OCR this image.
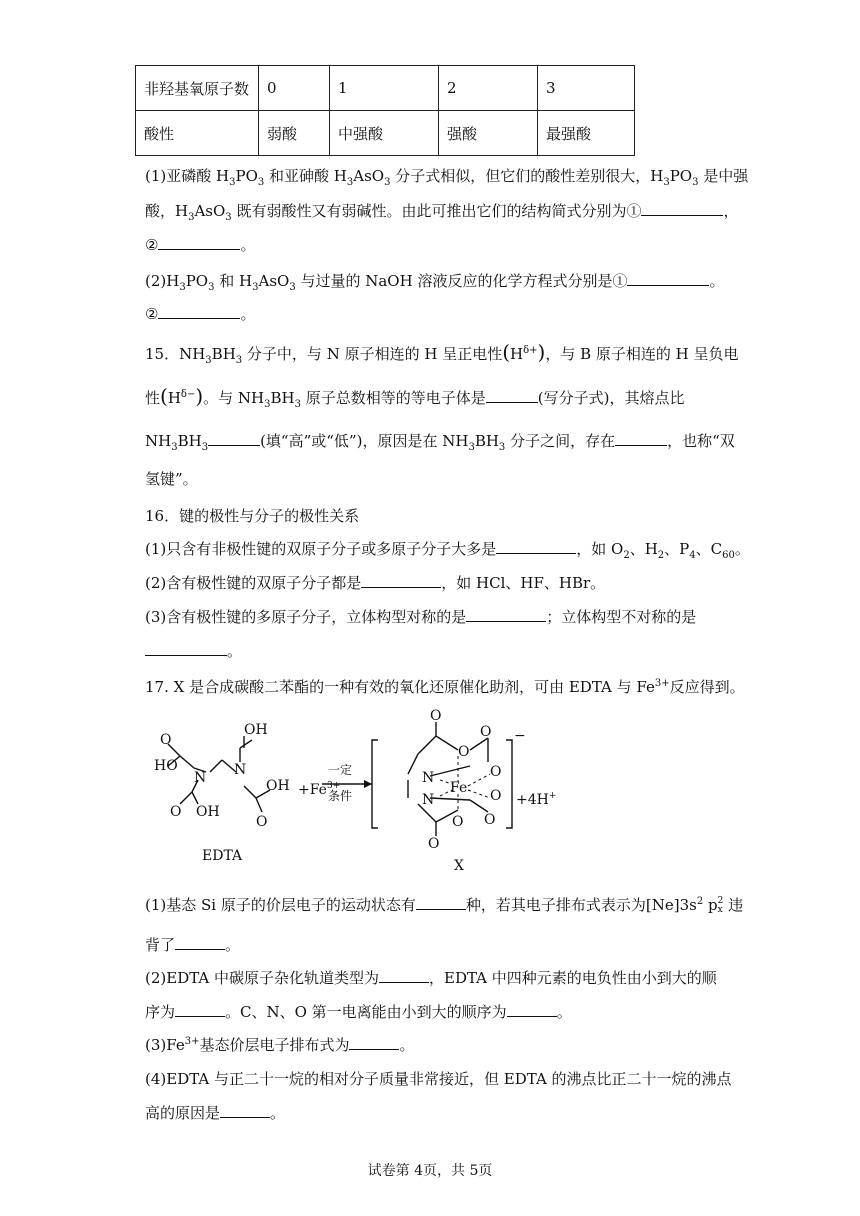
非羟基氧原子数	0	1	2	3
酸性	弱酸	中强酸	强酸	最强酸
(1)亚磷酸 $H_3PO_3$ 和亚砷酸 $H_3AsO_3$ 分子式相似，但它们的酸性差别很大，$H_3PO_3$ 是中强
酸，$H_3AsO_3$ 既有弱酸性又有弱碱性。由此可推出它们的结构简式分别为①	，
②	。
$(2)H_3PO_3$ 和 $H_3AsO_3$ 与过量的 NaOH 溶液反应的化学方程式分别是①	。
②	。
15．$NH_3BH_3$ 分子中，与 N 原子相连的 H 呈正电性$(H^{\delta+})$，与 B 原子相连的 H 呈负电
性$(H^{\delta-})$。与 $NH_3BH_3$ 原子总数相等的等电子体是	(写分子式)，其熔点比
$NH_3BH_3$	(填“高”或“低”)，原因是在 $NH_3BH_3$ 分子之间，存在	，也称“双
氢键”。
16．键的极性与分子的极性关系
(1)只含有非极性键的双原子分子或多原子分子大多是	，如 $O_2$、$H_2$、$P_4$、$C_{60}$。
(2)含有极性键的双原子分子都是	，如 HCl、HF、HBr。
(3)含有极性键的多原子分子，立体构型对称的是	；立体构型不对称的是
。
17. X 是合成碳酸二苯酯的一种有效的氧化还原催化助剂，可由 EDTA 与 $Fe^{3+}$反应得到。
HO
N
O
O OH
N
OH
OH
O
EDTA
$+Fe^{3+}$
一定
条件
O
O
O
O
N
Fe O
N
O O
O
−
+4H+
X
(1)基态 Si 原子的价层电子的运动状态有	种，若其电子排布式表示为$[Ne]3s^2$ p 2
x 违
背了	。
(2)EDTA 中碳原子杂化轨道类型为	，EDTA 中四种元素的电负性由小到大的顺
序为	。C、N、O 第一电离能由小到大的顺序为	。
$(3)Fe^{3+}$基态价层电子排布式为	。
(4)EDTA 与正二十一烷的相对分子质量非常接近，但 EDTA 的沸点比正二十一烷的沸点
高的原因是	。
试卷第 4页，共 5页
